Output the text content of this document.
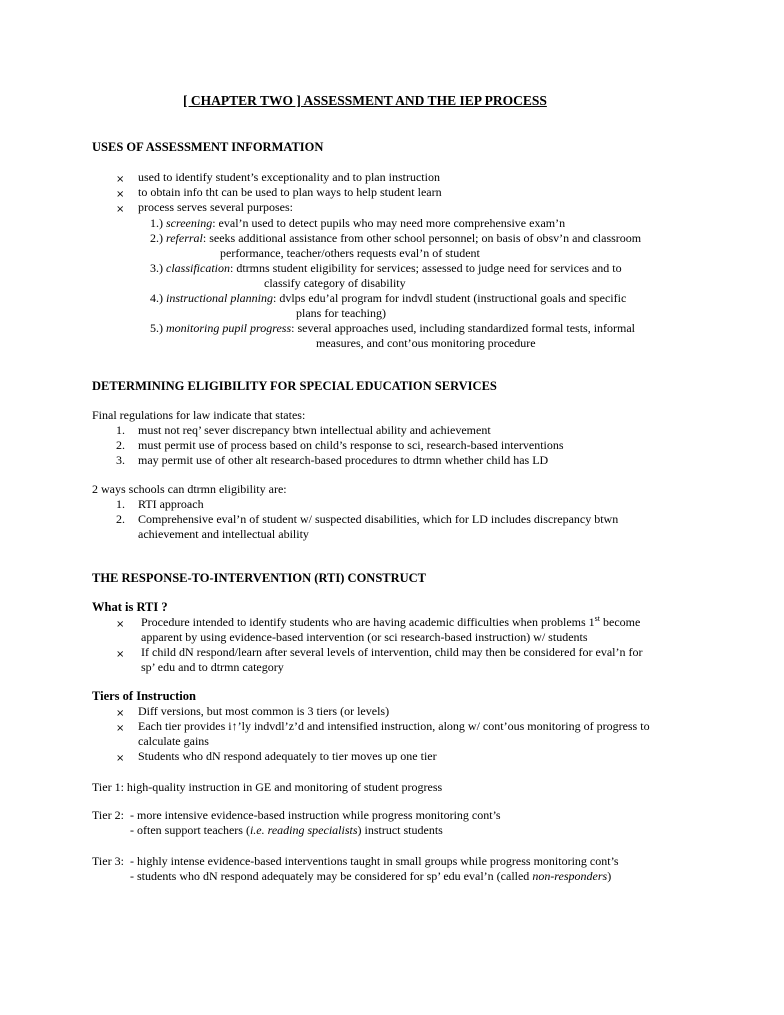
[ CHAPTER TWO ] ASSESSMENT AND THE IEP PROCESS
USES OF ASSESSMENT INFORMATION
× used to identify student’s exceptionality and to plan instruction
× to obtain info tht can be used to plan ways to help student learn
× process serves several purposes:
1.) screening: eval’n used to detect pupils who may need more comprehensive exam’n
2.) referral: seeks additional assistance from other school personnel; on basis of obsv’n and classroom
performance, teacher/others requests eval’n of student
3.) classification: dtrmns student eligibility for services; assessed to judge need for services and to
classify category of disability
4.) instructional planning: dvlps edu’al program for indvdl student (instructional goals and specific
plans for teaching)
5.) monitoring pupil progress: several approaches used, including standardized formal tests, informal
measures, and cont’ous monitoring procedure
DETERMINING ELIGIBILITY FOR SPECIAL EDUCATION SERVICES
Final regulations for law indicate that states:
1. must not req’ sever discrepancy btwn intellectual ability and achievement
2. must permit use of process based on child’s response to sci, research-based interventions
3. may permit use of other alt research-based procedures to dtrmn whether child has LD
2 ways schools can dtrmn eligibility are:
1. RTI approach
2. Comprehensive eval’n of student w/ suspected disabilities, which for LD includes discrepancy btwn
achievement and intellectual ability
THE RESPONSE-TO-INTERVENTION (RTI) CONSTRUCT
What is RTI ?
× Procedure intended to identify students who are having academic difficulties when problems 1st become
apparent by using evidence-based intervention (or sci research-based instruction) w/ students
× If child dN respond/learn after several levels of intervention, child may then be considered for eval’n for
sp’ edu and to dtrmn category
Tiers of Instruction
× Diff versions, but most common is 3 tiers (or levels)
× Each tier provides i↑’ly indvdl’z’d and intensified instruction, along w/ cont’ous monitoring of progress to
calculate gains
× Students who dN respond adequately to tier moves up one tier
Tier 1: high-quality instruction in GE and monitoring of student progress
Tier 2: - more intensive evidence-based instruction while progress monitoring cont’s
- often support teachers (i.e. reading specialists) instruct students
Tier 3: - highly intense evidence-based interventions taught in small groups while progress monitoring cont’s
- students who dN respond adequately may be considered for sp’ edu eval’n (called non-responders)
